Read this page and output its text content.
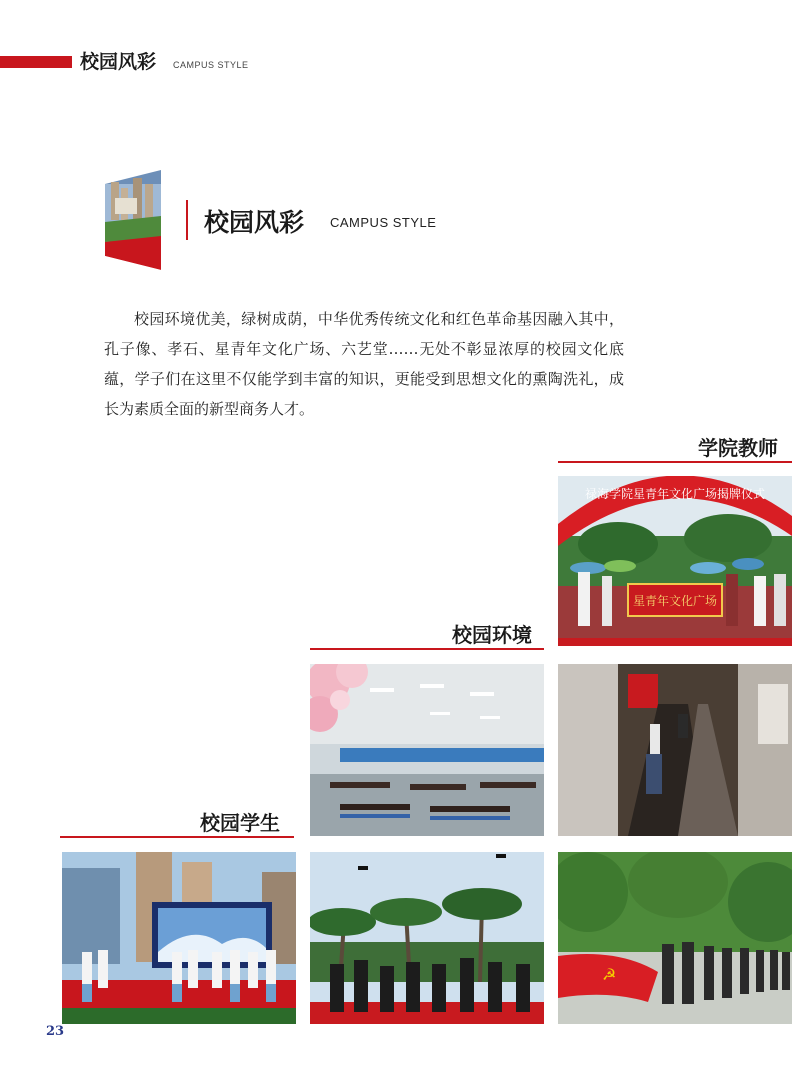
校园风彩 CAMPUS STYLE
校园风彩 CAMPUS STYLE
校园环境优美，绿树成荫，中华优秀传统文化和红色革命基因融入其中，孔子像、孝石、星青年文化广场、六艺堂……无处不彰显浓厚的校园文化底蕴，学子们在这里不仅能学到丰富的知识，更能受到思想文化的熏陶洗礼，成长为素质全面的新型商务人才。
学院教师
禄海学院星青年文化广场揭牌仪式
星青年文化广场
校园环境
校园学生
☭
23
